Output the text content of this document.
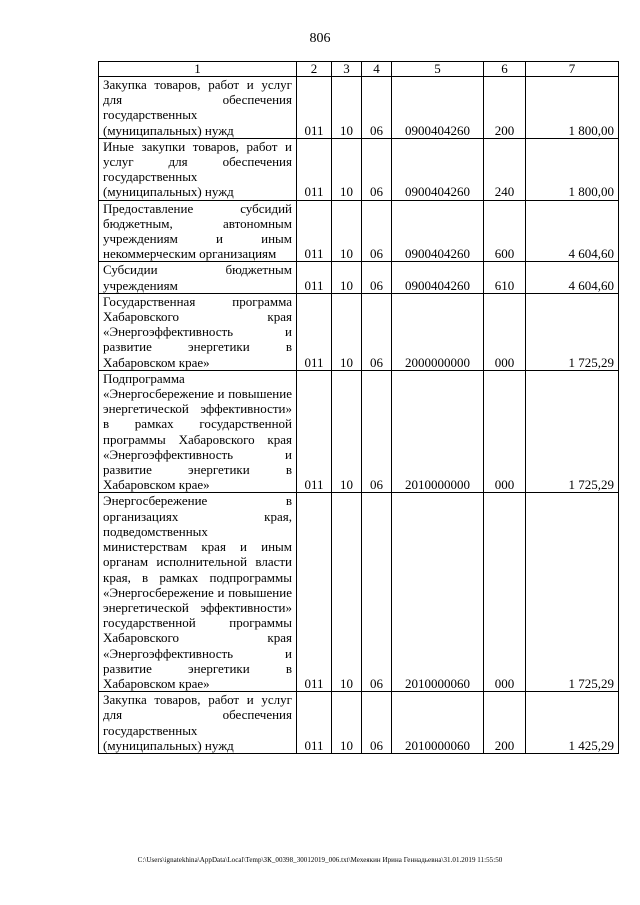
806
1	2	3	4	5	6	7
Закупка товаров, работ и услуг для обеспечения государственных (муниципальных) нужд	011	10	06	0900404260	200	1 800,00
Иные закупки товаров, работ и услуг для обеспечения государственных (муниципальных) нужд	011	10	06	0900404260	240	1 800,00
Предоставление субсидий бюджетным, автономным учреждениям и иным некоммерческим организациям	011	10	06	0900404260	600	4 604,60
Субсидии бюджетным учреждениям	011	10	06	0900404260	610	4 604,60
Государственная программа Хабаровского края «Энергоэффективность и развитие энергетики в Хабаровском крае»	011	10	06	2000000000	000	1 725,29
Подпрограмма «Энергосбережение и повышение энергетической эффективности» в рамках государственной программы Хабаровского края «Энергоэффективность и развитие энергетики в Хабаровском крае»	011	10	06	2010000000	000	1 725,29
Энергосбережение в организациях края, подведомственных министерствам края и иным органам исполнительной власти края, в рамках подпрограммы «Энергосбережение и повышение энергетической эффективности» государственной программы Хабаровского края «Энергоэффективность и развитие энергетики в Хабаровском крае»	011	10	06	2010000060	000	1 725,29
Закупка товаров, работ и услуг для обеспечения государственных (муниципальных) нужд	011	10	06	2010000060	200	1 425,29
C:\Users\ignatekhina\AppData\Local\Temp\ЗК_00398_30012019_006.txt\Мехеякин Ирина Геннадьевна\31.01.2019 11:55:50
